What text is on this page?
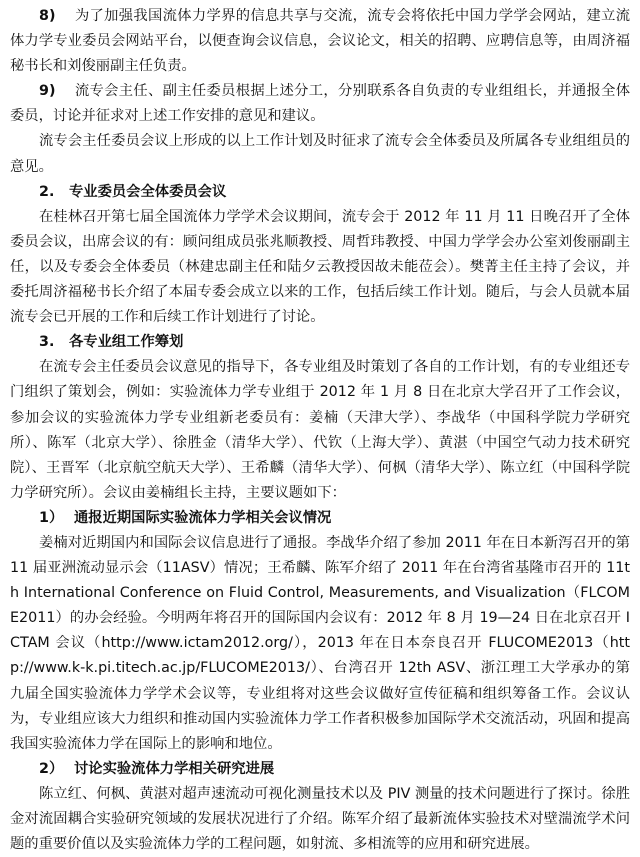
8) 为了加强我国流体力学界的信息共享与交流，流专会将依托中国力学学会网站，建立流体力学专业委员会网站平台，以便查询会议信息，会议论文，相关的招聘、应聘信息等，由周济福秘书长和刘俊丽副主任负责。

9) 流专会主任、副主任委员根据上述分工，分别联系各自负责的专业组组长，并通报全体委员，讨论并征求对上述工作安排的意见和建议。

流专会主任委员会议上形成的以上工作计划及时征求了流专会全体委员及所属各专业组组员的意见。

2. 专业委员会全体委员会议

在桂林召开第七届全国流体力学学术会议期间，流专会于 2012 年 11 月 11 日晚召开了全体委员会议，出席会议的有：顾问组成员张兆顺教授、周哲玮教授、中国力学学会办公室刘俊丽副主任，以及专委会全体委员（林建忠副主任和陆夕云教授因故未能莅会）。樊菁主任主持了会议，并委托周济福秘书长介绍了本届专委会成立以来的工作，包括后续工作计划。随后，与会人员就本届流专会已开展的工作和后续工作计划进行了讨论。

3. 各专业组工作筹划

在流专会主任委员会议意见的指导下，各专业组及时策划了各自的工作计划，有的专业组还专门组织了策划会，例如：实验流体力学专业组于 2012 年 1 月 8 日在北京大学召开了工作会议，参加会议的实验流体力学专业组新老委员有：姜楠（天津大学）、李战华（中国科学院力学研究所）、陈军（北京大学）、徐胜金（清华大学）、代钦（上海大学）、黄湛（中国空气动力技术研究院）、王晋军（北京航空航天大学）、王希麟（清华大学）、何枫（清华大学）、陈立红（中国科学院力学研究所）。会议由姜楠组长主持，主要议题如下：

1） 通报近期国际实验流体力学相关会议情况

姜楠对近期国内和国际会议信息进行了通报。李战华介绍了参加 2011 年在日本新泻召开的第 11 届亚洲流动显示会（11ASV）情况；王希麟、陈军介绍了 2011 年在台湾省基隆市召开的 11th International Conference on Fluid Control, Measurements, and Visualization（FLCOME2011）的办会经验。今明两年将召开的国际国内会议有：2012 年 8 月 19—24 日在北京召开 ICTAM 会议（http://www.ictam2012.org/），2013 年在日本奈良召开 FLUCOME2013（http://www.k-k.pi.titech.ac.jp/FLUCOME2013/）、台湾召开 12th ASV、浙江理工大学承办的第九届全国实验流体力学学术会议等，专业组将对这些会议做好宣传征稿和组织筹备工作。会议认为，专业组应该大力组织和推动国内实验流体力学工作者积极参加国际学术交流活动，巩固和提高我国实验流体力学在国际上的影响和地位。

2） 讨论实验流体力学相关研究进展

陈立红、何枫、黄湛对超声速流动可视化测量技术以及 PIV 测量的技术问题进行了探讨。徐胜金对流固耦合实验研究领域的发展状况进行了介绍。陈军介绍了最新流体实验技术对壁湍流学术问题的重要价值以及实验流体力学的工程问题，如射流、多相流等的应用和研究进展。
